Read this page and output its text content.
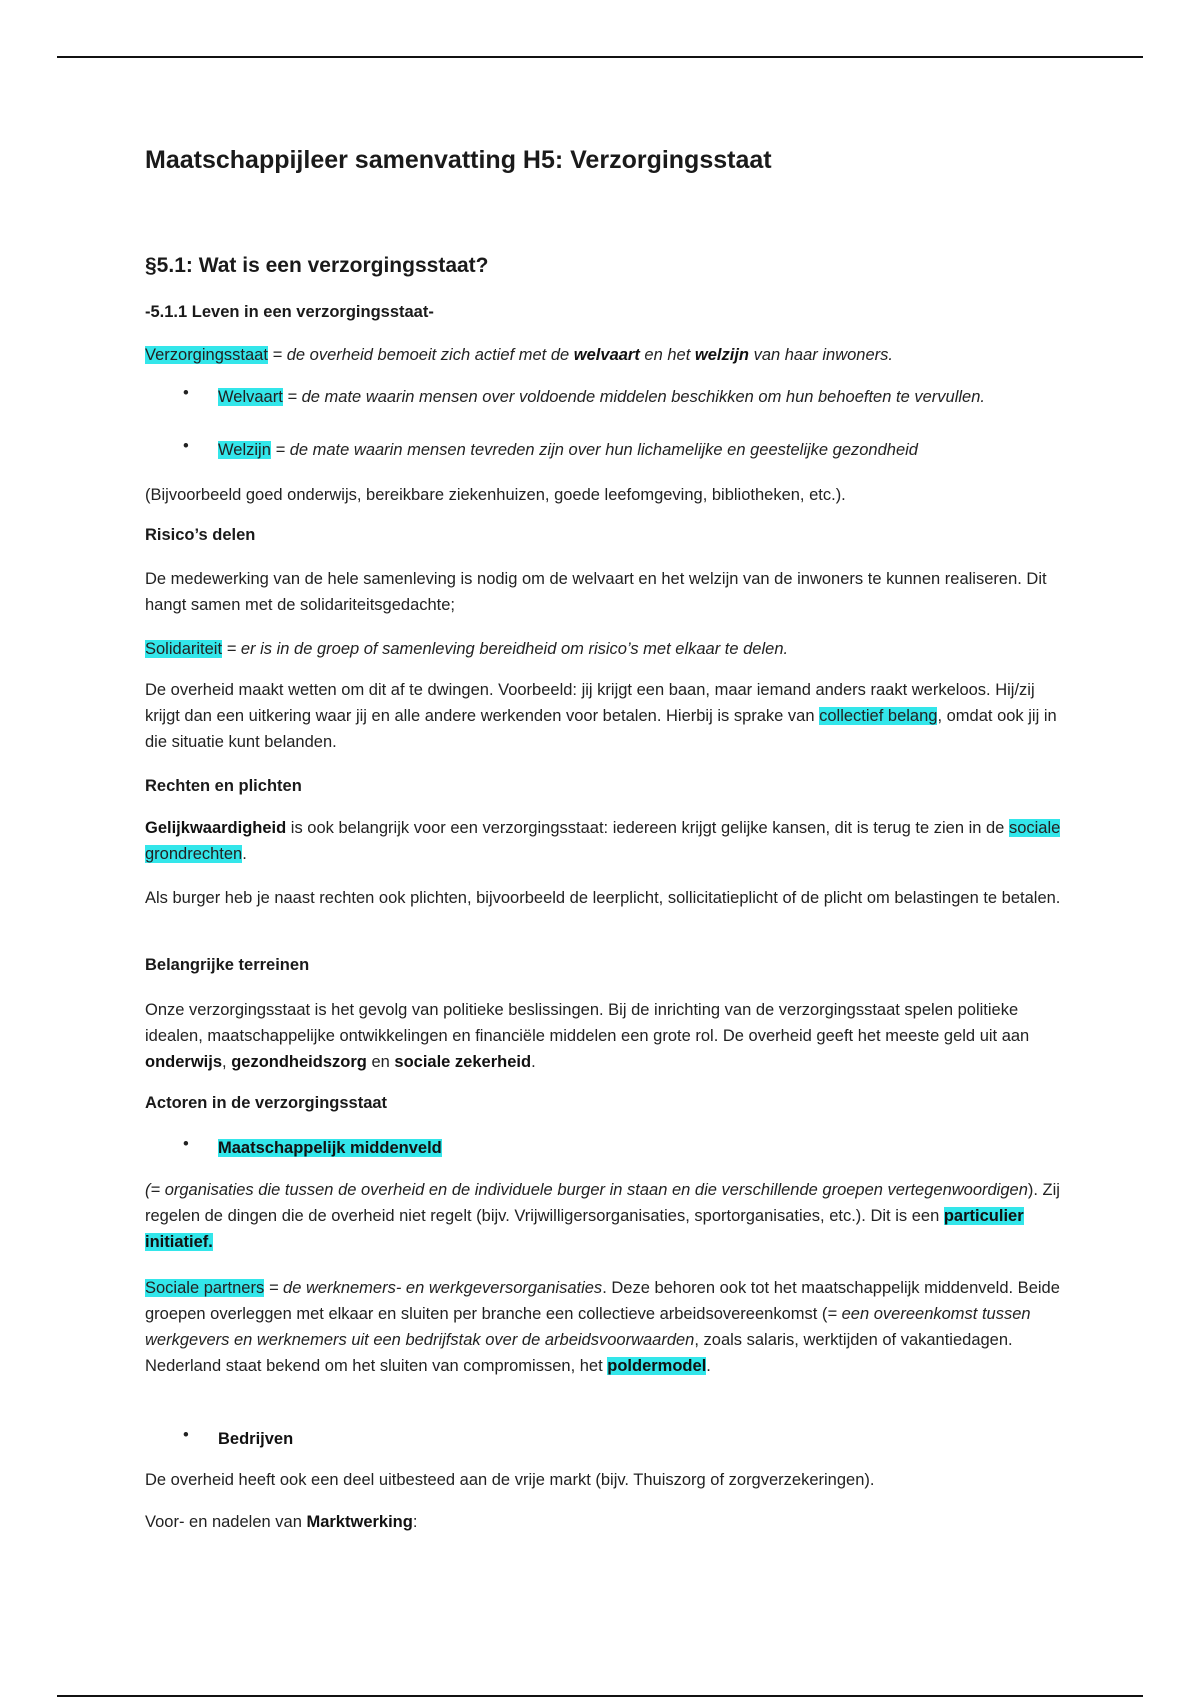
Maatschappijleer samenvatting H5: Verzorgingsstaat
§5.1: Wat is een verzorgingsstaat?
-5.1.1 Leven in een verzorgingsstaat-

Verzorgingsstaat = de overheid bemoeit zich actief met de welvaart en het welzijn van haar inwoners.

• Welvaart = de mate waarin mensen over voldoende middelen beschikken om hun behoeften te vervullen.

• Welzijn = de mate waarin mensen tevreden zijn over hun lichamelijke en geestelijke gezondheid

(Bijvoorbeeld goed onderwijs, bereikbare ziekenhuizen, goede leefomgeving, bibliotheken, etc.).

Risico’s delen

De medewerking van de hele samenleving is nodig om de welvaart en het welzijn van de inwoners te kunnen realiseren. Dit hangt samen met de solidariteitsgedachte;

Solidariteit = er is in de groep of samenleving bereidheid om risico’s met elkaar te delen.

De overheid maakt wetten om dit af te dwingen. Voorbeeld: jij krijgt een baan, maar iemand anders raakt werkeloos. Hij/zij krijgt dan een uitkering waar jij en alle andere werkenden voor betalen. Hierbij is sprake van collectief belang, omdat ook jij in die situatie kunt belanden.

Rechten en plichten

Gelijkwaardigheid is ook belangrijk voor een verzorgingsstaat: iedereen krijgt gelijke kansen, dit is terug te zien in de sociale grondrechten.

Als burger heb je naast rechten ook plichten, bijvoorbeeld de leerplicht, sollicitatieplicht of de plicht om belastingen te betalen.

Belangrijke terreinen

Onze verzorgingsstaat is het gevolg van politieke beslissingen. Bij de inrichting van de verzorgingsstaat spelen politieke idealen, maatschappelijke ontwikkelingen en financiële middelen een grote rol. De overheid geeft het meeste geld uit aan onderwijs, gezondheidszorg en sociale zekerheid.

Actoren in de verzorgingsstaat
• Maatschappelijk middenveld

(= organisaties die tussen de overheid en de individuele burger in staan en die verschillende groepen vertegenwoordigen). Zij regelen de dingen die de overheid niet regelt (bijv. Vrijwilligersorganisaties, sportorganisaties, etc.). Dit is een particulier initiatief.

Sociale partners = de werknemers- en werkgeversorganisaties. Deze behoren ook tot het maatschappelijk middenveld. Beide groepen overleggen met elkaar en sluiten per branche een collectieve arbeidsovereenkomst (= een overeenkomst tussen werkgevers en werknemers uit een bedrijfstak over de arbeidsvoorwaarden, zoals salaris, werktijden of vakantiedagen. Nederland staat bekend om het sluiten van compromissen, het poldermodel.

• Bedrijven

De overheid heeft ook een deel uitbesteed aan de vrije markt (bijv. Thuiszorg of zorgverzekeringen).

Voor- en nadelen van Marktwerking:
